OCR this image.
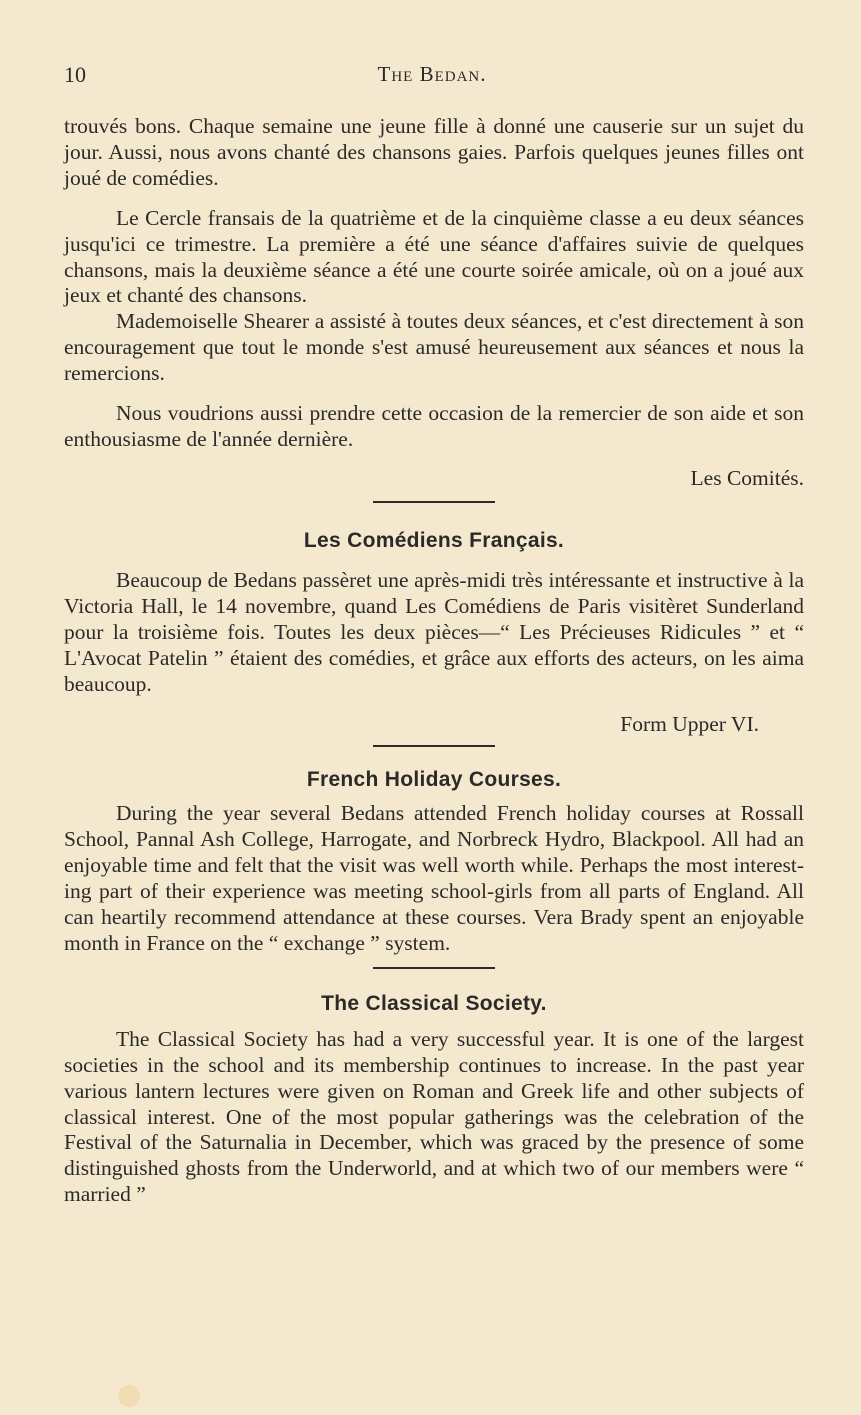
10	The Bedan.

trouvés bons. Chaque semaine une jeune fille à donné une causerie sur un sujet du jour. Aussi, nous avons chanté des chansons gaies. Parfois quelques jeunes filles ont joué de comédies.

Le Cercle fransais de la quatrième et de la cinquième classe a eu deux séances jusqu'ici ce trimestre. La première a été une séance d'affaires suivie de quelques chansons, mais la deuxième séance a été une courte soirée amicale, où on a joué aux jeux et chanté des chansons.

Mademoiselle Shearer a assisté à toutes deux séances, et c'est directement à son encouragement que tout le monde s'est amusé heureusement aux séances et nous la remercions.

Nous voudrions aussi prendre cette occasion de la remercier de son aide et son enthousiasme de l'année dernière.

Les Comités.

Les Comédiens Français.

Beaucoup de Bedans passèret une après-midi très intéressante et instructive à la Victoria Hall, le 14 novembre, quand Les Comédiens de Paris visitèret Sunderland pour la troisième fois. Toutes les deux pièces—“ Les Précieuses Ridicules ” et “ L'Avocat Patelin ” étaient des comédies, et grâce aux efforts des acteurs, on les aima beaucoup.

Form Upper VI.

French Holiday Courses.

During the year several Bedans attended French holiday courses at Rossall School, Pannal Ash College, Harrogate, and Norbreck Hydro, Blackpool. All had an enjoyable time and felt that the visit was well worth while. Perhaps the most interest-ing part of their experience was meeting school-girls from all parts of England. All can heartily recommend attendance at these courses. Vera Brady spent an enjoyable month in France on the “ exchange ” system.

The Classical Society.

The Classical Society has had a very successful year. It is one of the largest societies in the school and its membership continues to increase. In the past year various lantern lectures were given on Roman and Greek life and other subjects of classical interest. One of the most popular gatherings was the celebration of the Festival of the Saturnalia in December, which was graced by the presence of some distinguished ghosts from the Underworld, and at which two of our members were “ married ”
